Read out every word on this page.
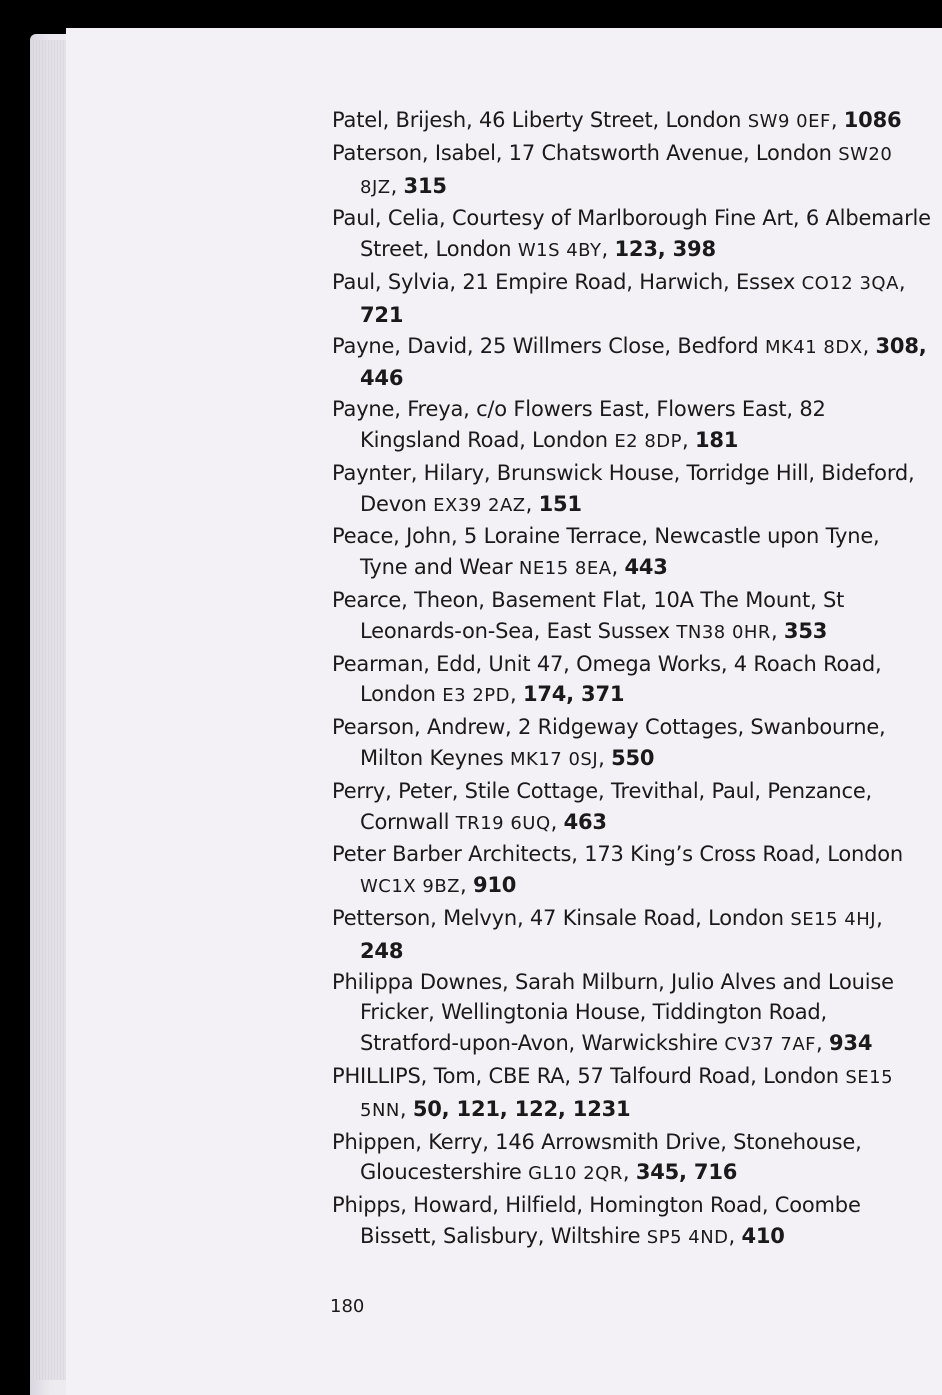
Patel, Brijesh, 46 Liberty Street, London SW9 0EF, 1086

Paterson, Isabel, 17 Chatsworth Avenue, London SW20 8JZ, 315

Paul, Celia, Courtesy of Marlborough Fine Art, 6 Albemarle Street, London W1S 4BY, 123, 398

Paul, Sylvia, 21 Empire Road, Harwich, Essex CO12 3QA, 721

Payne, David, 25 Willmers Close, Bedford MK41 8DX, 308, 446

Payne, Freya, c/o Flowers East, Flowers East, 82 Kingsland Road, London E2 8DP, 181

Paynter, Hilary, Brunswick House, Torridge Hill, Bideford, Devon EX39 2AZ, 151

Peace, John, 5 Loraine Terrace, Newcastle upon Tyne, Tyne and Wear NE15 8EA, 443

Pearce, Theon, Basement Flat, 10A The Mount, St Leonards-on-Sea, East Sussex TN38 0HR, 353

Pearman, Edd, Unit 47, Omega Works, 4 Roach Road, London E3 2PD, 174, 371

Pearson, Andrew, 2 Ridgeway Cottages, Swanbourne, Milton Keynes MK17 0SJ, 550

Perry, Peter, Stile Cottage, Trevithal, Paul, Penzance, Cornwall TR19 6UQ, 463

Peter Barber Architects, 173 King’s Cross Road, London WC1X 9BZ, 910

Petterson, Melvyn, 47 Kinsale Road, London SE15 4HJ, 248

Philippa Downes, Sarah Milburn, Julio Alves and Louise Fricker, Wellingtonia House, Tiddington Road, Stratford-upon-Avon, Warwickshire CV37 7AF, 934

PHILLIPS, Tom, CBE RA, 57 Talfourd Road, London SE15 5NN, 50, 121, 122, 1231

Phippen, Kerry, 146 Arrowsmith Drive, Stonehouse, Gloucestershire GL10 2QR, 345, 716

Phipps, Howard, Hilfield, Homington Road, Coombe Bissett, Salisbury, Wiltshire SP5 4ND, 410

180
